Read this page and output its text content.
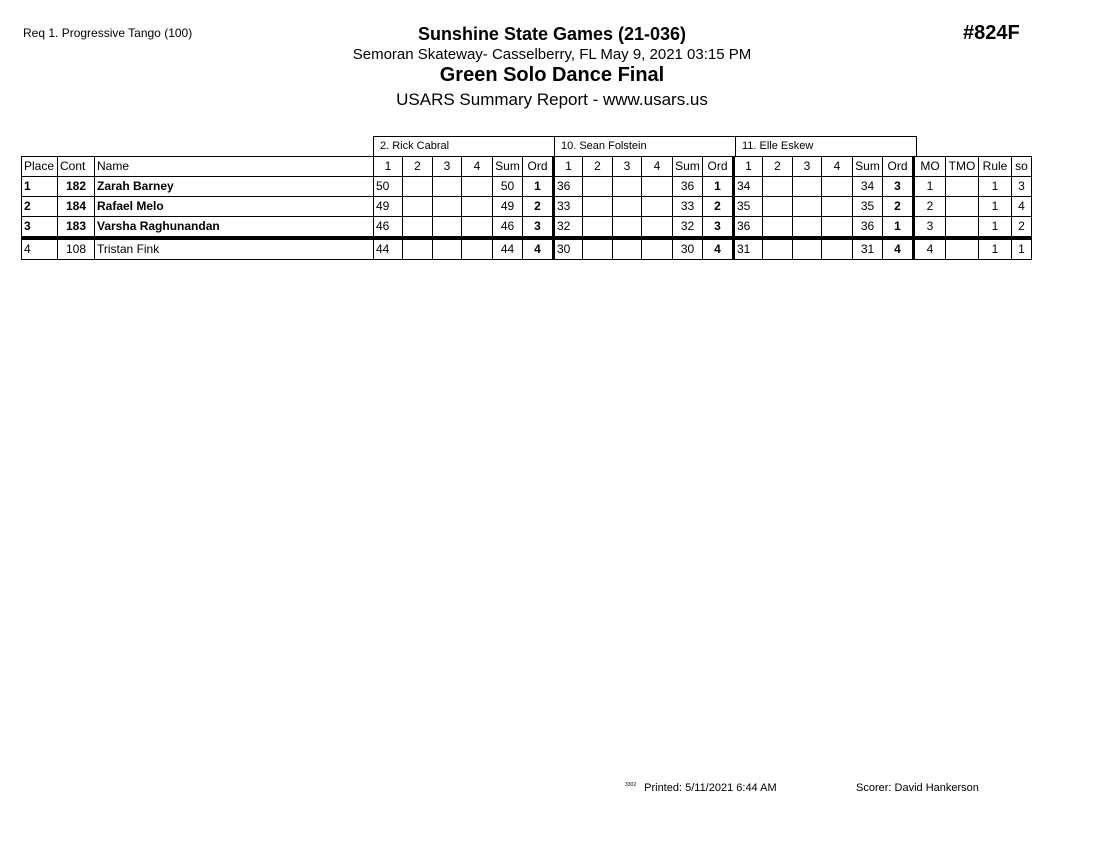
Req 1. Progressive Tango (100)	#824F
Sunshine State Games (21-036)
Semoran Skateway- Casselberry, FL May 9, 2021 03:15 PM
Green Solo Dance Final
USARS Summary Report - www.usars.us
2. Rick Cabral	10. Sean Folstein	11. Elle Eskew
Place	Cont	Name	1	2	3	4	Sum	Ord	1	2	3	4	Sum	Ord	1	2	3	4	Sum	Ord	MO	TMO	Rule	so
1	182	Zarah Barney	50				50	1	36				36	1	34				34	3	1		1	3
2	184	Rafael Melo	49				49	2	33				33	2	35				35	2	2		1	4
3	183	Varsha Raghunandan	46				46	3	32				32	3	36				36	1	3		1	2
4	108	Tristan Fink	44				44	4	30				30	4	31				31	4	4		1	1
$^{3302}$ Printed: 5/11/2021 6:44 AM	Scorer: David Hankerson
